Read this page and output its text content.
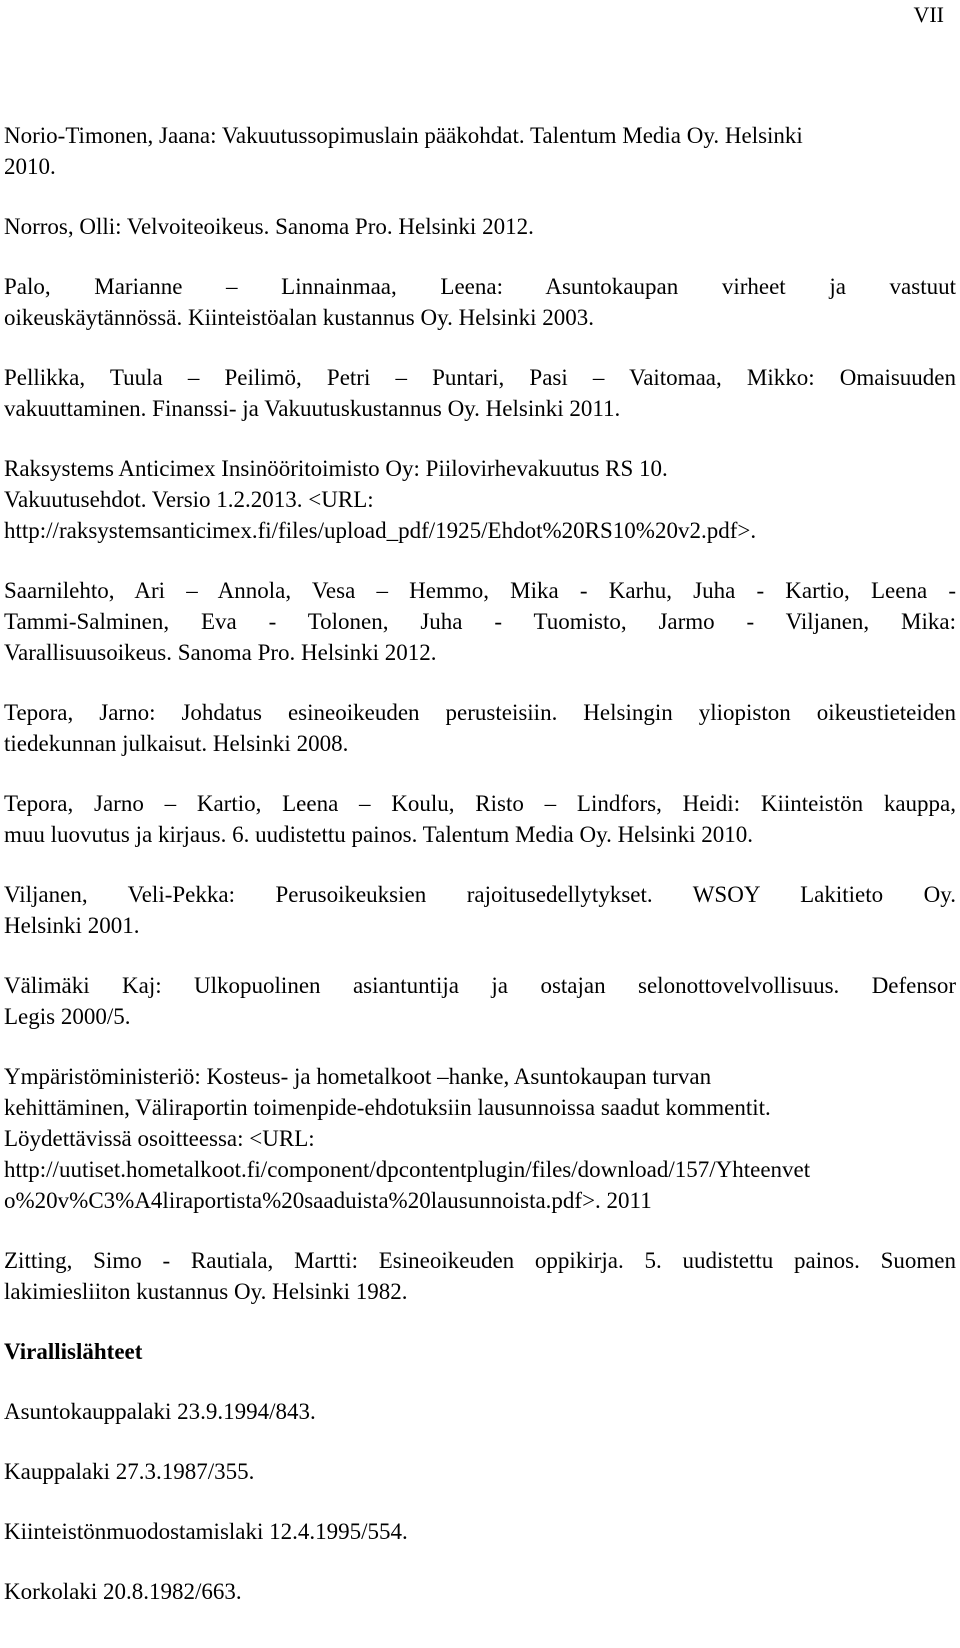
VII
Norio-Timonen, Jaana: Vakuutussopimuslain pääkohdat. Talentum Media Oy. Helsinki
2010.
Norros, Olli: Velvoiteoikeus. Sanoma Pro. Helsinki 2012.
Palo, Marianne – Linnainmaa, Leena: Asuntokaupan virheet ja vastuut
oikeuskäytännössä. Kiinteistöalan kustannus Oy. Helsinki 2003.
Pellikka, Tuula – Peilimö, Petri – Puntari, Pasi – Vaitomaa, Mikko: Omaisuuden
vakuuttaminen. Finanssi- ja Vakuutuskustannus Oy. Helsinki 2011.
Raksystems Anticimex Insinööritoimisto Oy: Piilovirhevakuutus RS 10.
Vakuutusehdot. Versio 1.2.2013. <URL:
http://raksystemsanticimex.fi/files/upload_pdf/1925/Ehdot%20RS10%20v2.pdf>.
Saarnilehto, Ari – Annola, Vesa – Hemmo, Mika - Karhu, Juha - Kartio, Leena -
Tammi-Salminen, Eva - Tolonen, Juha - Tuomisto, Jarmo - Viljanen, Mika:
Varallisuusoikeus. Sanoma Pro. Helsinki 2012.
Tepora, Jarno: Johdatus esineoikeuden perusteisiin. Helsingin yliopiston oikeustieteiden
tiedekunnan julkaisut. Helsinki 2008.
Tepora, Jarno – Kartio, Leena – Koulu, Risto – Lindfors, Heidi: Kiinteistön kauppa,
muu luovutus ja kirjaus. 6. uudistettu painos. Talentum Media Oy. Helsinki 2010.
Viljanen, Veli-Pekka: Perusoikeuksien rajoitusedellytykset. WSOY Lakitieto Oy.
Helsinki 2001.
Välimäki Kaj: Ulkopuolinen asiantuntija ja ostajan selonottovelvollisuus. Defensor
Legis 2000/5.
Ympäristöministeriö: Kosteus- ja hometalkoot –hanke, Asuntokaupan turvan
kehittäminen, Väliraportin toimenpide-ehdotuksiin lausunnoissa saadut kommentit.
Löydettävissä osoitteessa: <URL:
http://uutiset.hometalkoot.fi/component/dpcontentplugin/files/download/157/Yhteenvet
o%20v%C3%A4liraportista%20saaduista%20lausunnoista.pdf>. 2011
Zitting, Simo - Rautiala, Martti: Esineoikeuden oppikirja. 5. uudistettu painos. Suomen
lakimiesliiton kustannus Oy. Helsinki 1982.
Virallislähteet
Asuntokauppalaki 23.9.1994/843.
Kauppalaki 27.3.1987/355.
Kiinteistönmuodostamislaki 12.4.1995/554.
Korkolaki 20.8.1982/663.
